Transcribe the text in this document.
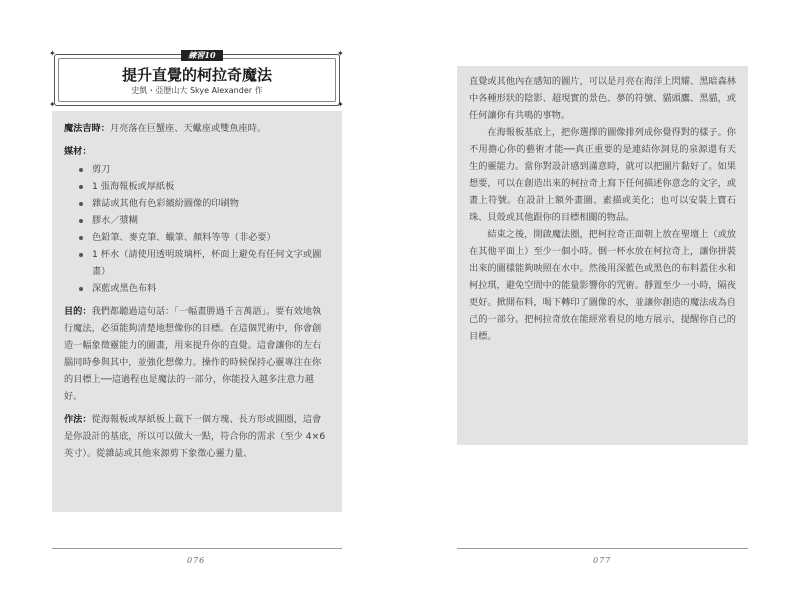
✦	✦
✦	✦
練習10
提升直覺的柯拉奇魔法
史凱・亞歷山大 Skye Alexander 作

魔法吉時：月亮落在巨蟹座、天蠍座或雙魚座時。

媒材：
剪刀
1 張海報板或厚紙板
雜誌或其他有色彩繽紛圖像的印刷物
膠水／漿糊
色鉛筆、麥克筆、蠟筆、顏料等等（非必要）
1 杯水（請使用透明玻璃杯，杯面上避免有任何文字或圖畫）
深藍或黑色布料

目的：我們都聽過這句話：「一幅畫勝過千言萬語」。要有效地執行魔法，必須能夠清楚地想像你的目標。在這個咒術中，你會創造一幅象徵靈能力的圖畫，用來提升你的直覺。這會讓你的左右腦同時參與其中，並強化想像力。操作的時候保持心靈專注在你的目標上──這過程也是魔法的一部分，你能投入越多注意力越好。

作法：從海報板或厚紙板上裁下一個方塊、長方形或圓圈，這會是你設計的基底，所以可以做大一點，符合你的需求（至少 4×6 英寸）。從雜誌或其他來源剪下象徵心靈力量、

076

直覺或其他內在感知的圖片，可以是月亮在海洋上閃耀、黑暗森林中各種形狀的陰影、超現實的景色、夢的符號、貓頭鷹、黑貓，或任何讓你有共鳴的事物。

在海報板基底上，把你選擇的圖像排列成你覺得對的樣子。你不用擔心你的藝術才能──真正重要的是連結你洞見的泉源還有天生的靈能力。當你對設計感到滿意時，就可以把圖片黏好了。如果想要，可以在創造出來的柯拉奇上寫下任何描述你意念的文字，或畫上符號。在設計上額外畫圖、素描或美化；也可以安裝上寶石珠、貝殼或其他跟你的目標相關的物品。

結束之後，開啟魔法圈，把柯拉奇正面朝上放在聖壇上（或放在其他平面上）至少一個小時。倒一杯水放在柯拉奇上，讓你拼裝出來的圖樣能夠映照在水中。然後用深藍色或黑色的布料蓋住水和柯拉琪，避免空間中的能量影響你的咒術。靜置至少一小時，隔夜更好。掀開布料，喝下轉印了圖像的水，並讓你創造的魔法成為自己的一部分。把柯拉奇放在能經常看見的地方展示，提醒你自己的目標。

077
